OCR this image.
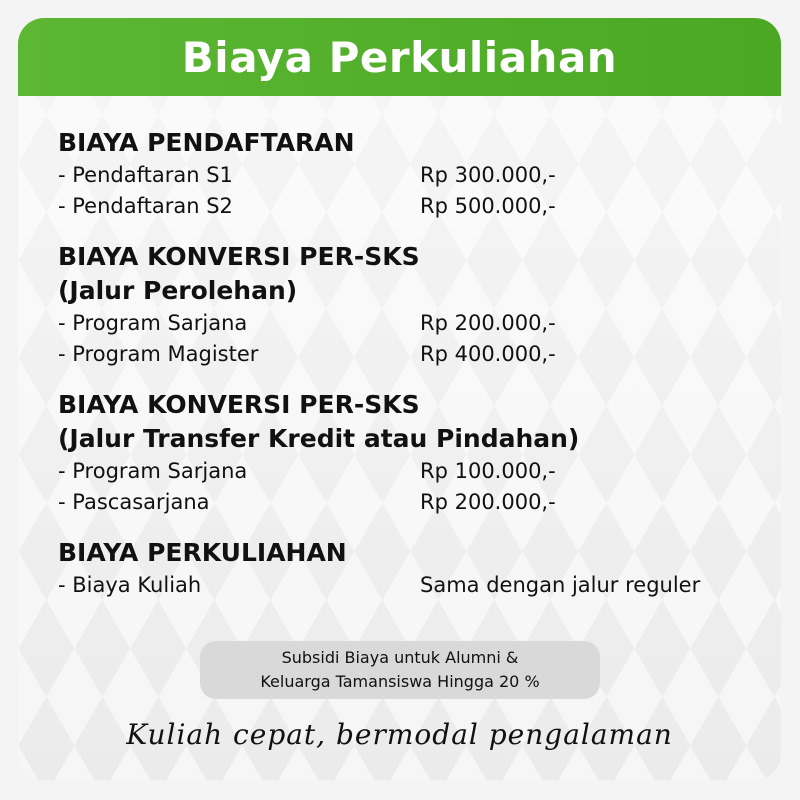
Biaya Perkuliahan
BIAYA PENDAFTARAN
- Pendaftaran S1	Rp 300.000,-
- Pendaftaran S2	Rp 500.000,-
BIAYA KONVERSI PER-SKS
(Jalur Perolehan)
- Program Sarjana	Rp 200.000,-
- Program Magister	Rp 400.000,-
BIAYA KONVERSI PER-SKS
(Jalur Transfer Kredit atau Pindahan)
- Program Sarjana	Rp 100.000,-
- Pascasarjana	Rp 200.000,-
BIAYA PERKULIAHAN
- Biaya Kuliah	Sama dengan jalur reguler
Subsidi Biaya untuk Alumni &
Keluarga Tamansiswa Hingga 20 %
Kuliah cepat, bermodal pengalaman
